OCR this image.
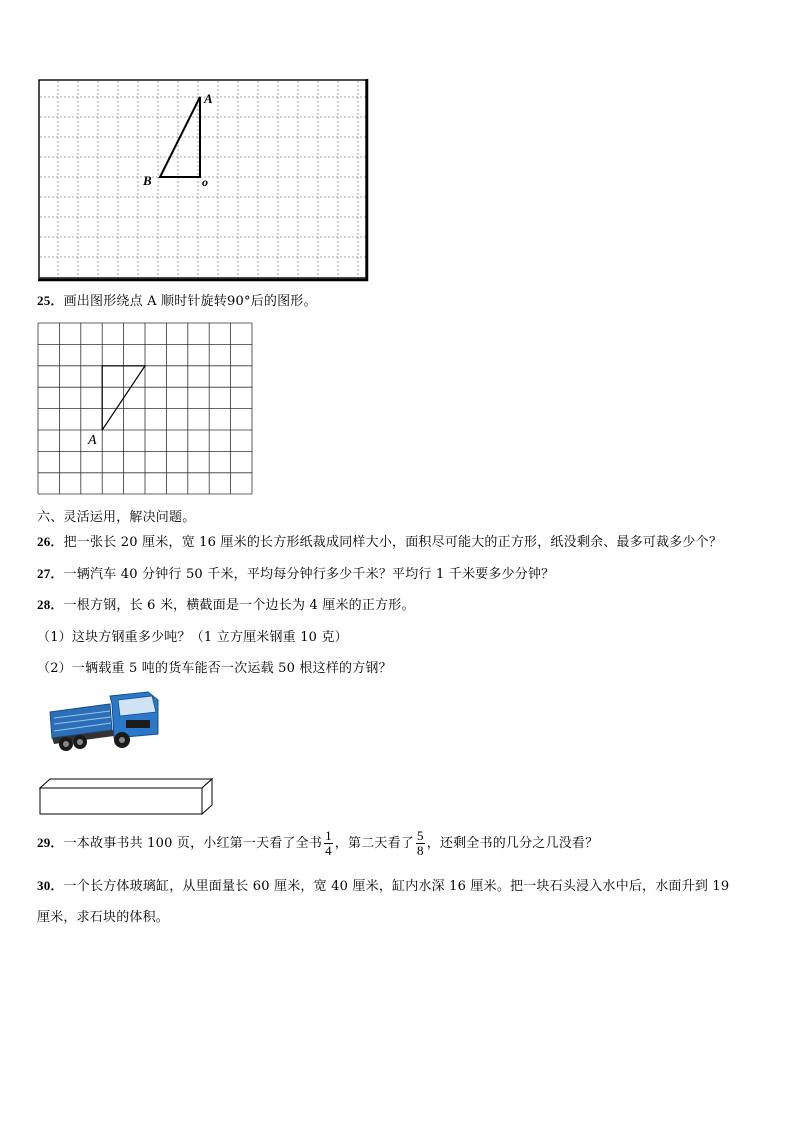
A
B	o
25．画出图形绕点 A 顺时针旋转90°后的图形。
A
六、灵活运用，解决问题。
26．把一张长 20 厘米，宽 16 厘米的长方形纸裁成同样大小，面积尽可能大的正方形，纸没剩余、最多可裁多少个？
27．一辆汽车 40 分钟行 50 千米，平均每分钟行多少千米？平均行 1 千米要多少分钟？
28．一根方钢，长 6 米，横截面是一个边长为 4 厘米的正方形。
（1）这块方钢重多少吨？（1 立方厘米钢重 10 克）
（2）一辆载重 5 吨的货车能否一次运载 50 根这样的方钢？
29．一本故事书共 100 页，小红第一天看了全书 $\frac{1}{4}$ ，第二天看了 $\frac{5}{8}$ ，还剩全书的几分之几没看？
30．一个长方体玻璃缸，从里面量长 60 厘米，宽 40 厘米，缸内水深 16 厘米。把一块石头浸入水中后，水面升到 19
厘米，求石块的体积。
